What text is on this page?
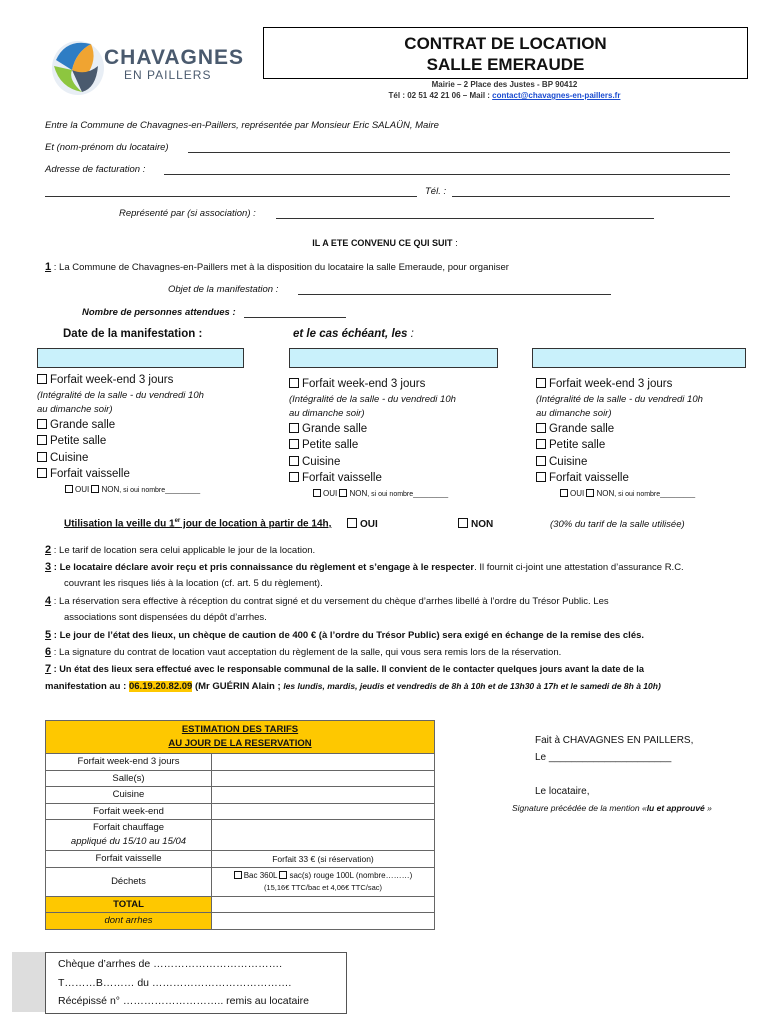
CHAVAGNES
EN PAILLERS
CONTRAT DE LOCATION
SALLE EMERAUDE
Mairie – 2 Place des Justes - BP 90412
Tél : 02 51 42 21 06 – Mail : contact@chavagnes-en-paillers.fr
Entre la Commune de Chavagnes-en-Paillers, représentée par Monsieur Eric SALAÜN, Maire
Et (nom-prénom du locataire)
Adresse de facturation :
Tél. :
Représenté par (si association) :
IL A ETE CONVENU CE QUI SUIT :
1 : La Commune de Chavagnes-en-Paillers met à la disposition du locataire la salle Emeraude, pour organiser
Objet de la manifestation :
Nombre de personnes attendues :
Date de la manifestation :	et le cas échéant, les :
Forfait week-end 3 jours
(Intégralité de la salle - du vendredi 10h
au dimanche soir)
Grande salle
Petite salle
Cuisine
Forfait vaisselle
OUI NON, si oui nombre_________
Forfait week-end 3 jours
(Intégralité de la salle - du vendredi 10h
au dimanche soir)
Grande salle
Petite salle
Cuisine
Forfait vaisselle
OUI NON, si oui nombre_________
Forfait week-end 3 jours
(Intégralité de la salle - du vendredi 10h
au dimanche soir)
Grande salle
Petite salle
Cuisine
Forfait vaisselle
OUI NON, si oui nombre_________
Utilisation la veille du 1er jour de location à partir de 14h,	OUI	NON	(30% du tarif de la salle utilisée)
2 : Le tarif de location sera celui applicable le jour de la location.
3 : Le locataire déclare avoir reçu et pris connaissance du règlement et s’engage à le respecter. Il fournit ci-joint une attestation d’assurance R.C.
couvrant les risques liés à la location (cf. art. 5 du règlement).
4 : La réservation sera effective à réception du contrat signé et du versement du chèque d’arrhes libellé à l’ordre du Trésor Public. Les
associations sont dispensées du dépôt d’arrhes.
5 : Le jour de l’état des lieux, un chèque de caution de 400 € (à l’ordre du Trésor Public) sera exigé en échange de la remise des clés.
6 : La signature du contrat de location vaut acceptation du règlement de la salle, qui vous sera remis lors de la réservation.
7 : Un état des lieux sera effectué avec le responsable communal de la salle. Il convient de le contacter quelques jours avant la date de la
manifestation au : 06.19.20.82.09 (Mr GUÉRIN Alain ; les lundis, mardis, jeudis et vendredis de 8h à 10h et de 13h30 à 17h et le samedi de 8h à 10h)
ESTIMATION DES TARIFS
AU JOUR DE LA RESERVATION	

Forfait week-end 3 jours	
Salle(s)	
Cuisine	
Forfait week-end	

Forfait chauffage
appliqué du 15/10 au 15/04	

Forfait vaisselle	Forfait 33 € (si réservation)
Déchets	Bac 360L sac(s) rouge 100L (nombre………)
(15,16€ TTC/bac et 4,06€ TTC/sac)

TOTAL	
dont arrhes	
Fait à CHAVAGNES EN PAILLERS,
Le ______________________
Le locataire,
Signature précédée de la mention «lu et approuvé »
Chèque d’arrhes de ……………………………….
T………B……… du ………………………………….
Récépissé n° ……………………….. remis au locataire
